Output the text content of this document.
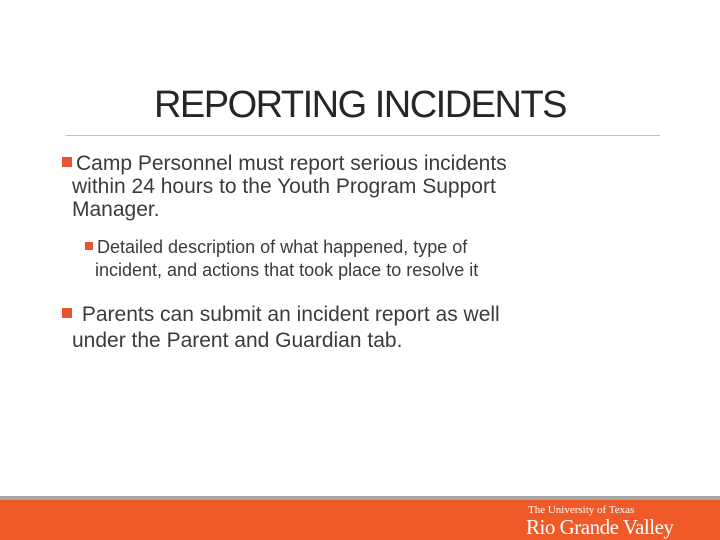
REPORTING INCIDENTS
Camp Personnel must report serious incidents
within 24 hours to the Youth Program Support
Manager.
Detailed description of what happened, type of
incident, and actions that took place to resolve it
Parents can submit an incident report as well
under the Parent and Guardian tab.
The University of Texas
Rio Grande Valley
